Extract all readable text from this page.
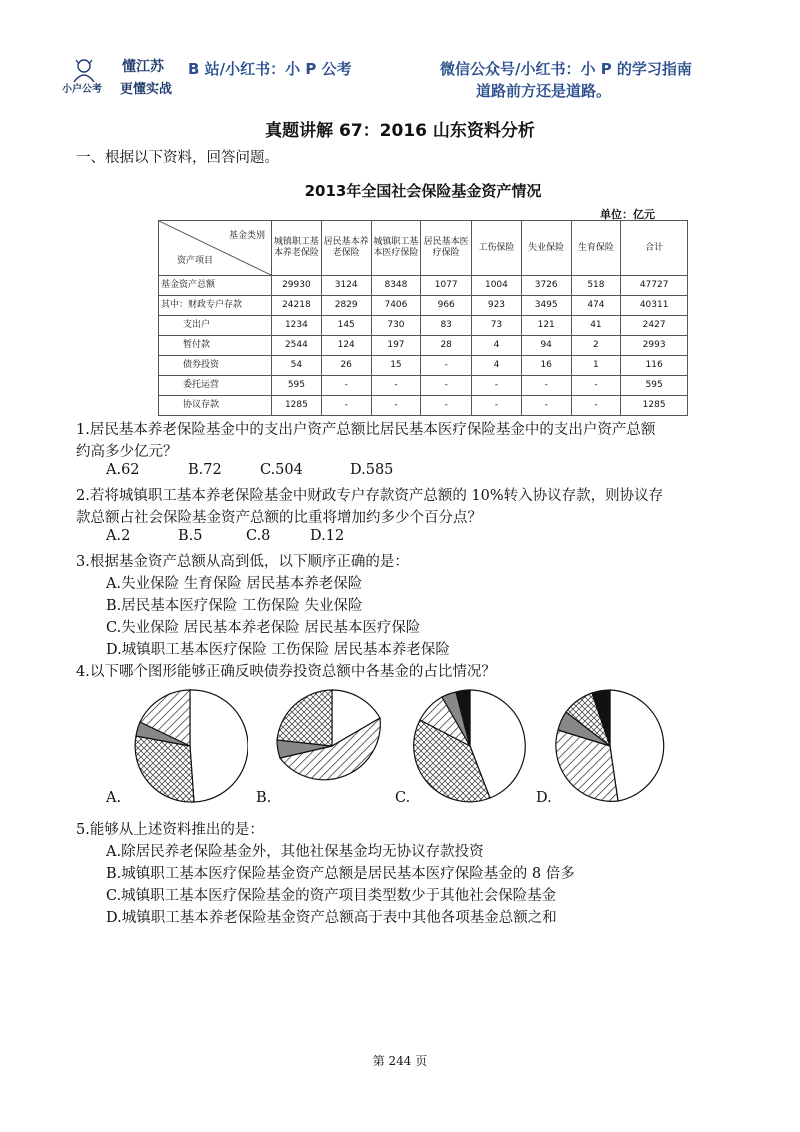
懂江苏
小户公考 更懂实战
B 站/小红书：小 P 公考	微信公众号/小红书：小 P 的学习指南
道路前方还是道路。
真题讲解 67：2016 山东资料分析
一、根据以下资料，回答问题。
2013年全国社会保险基金资产情况
单位：亿元
基金类别
资产项目	城镇职工基本养老保险	居民基本养老保险	城镇职工基本医疗保险	居民基本医疗保险	工伤保险	失业保险	生育保险	合计
基金资产总额	29930	3124	8348	1077	1004	3726	518	47727
其中：财政专户存款	24218	2829	7406	966	923	3495	474	40311
支出户	1234	145	730	83	73	121	41	2427
暂付款	2544	124	197	28	4	94	2	2993
债券投资	54	26	15	-	4	16	1	116
委托运营	595	-	-	-	-	-	-	595
协议存款	1285	-	-	-	-	-	-	1285
1.居民基本养老保险基金中的支出户资产总额比居民基本医疗保险基金中的支出户资产总额
约高多少亿元？
A.62	B.72	C.504	D.585
2.若将城镇职工基本养老保险基金中财政专户存款资产总额的 10%转入协议存款，则协议存
款总额占社会保险基金资产总额的比重将增加约多少个百分点？
A.2	B.5	C.8	D.12
3.根据基金资产总额从高到低，以下顺序正确的是：
A.失业保险 生育保险 居民基本养老保险
B.居民基本医疗保险 工伤保险 失业保险
C.失业保险 居民基本养老保险 居民基本医疗保险
D.城镇职工基本医疗保险 工伤保险 居民基本养老保险
4.以下哪个图形能够正确反映债券投资总额中各基金的占比情况？
A.	B.	C.	D.
5.能够从上述资料推出的是：
A.除居民养老保险基金外，其他社保基金均无协议存款投资
B.城镇职工基本医疗保险基金资产总额是居民基本医疗保险基金的 8 倍多
C.城镇职工基本医疗保险基金的资产项目类型数少于其他社会保险基金
D.城镇职工基本养老保险基金资产总额高于表中其他各项基金总额之和
第 244 页
